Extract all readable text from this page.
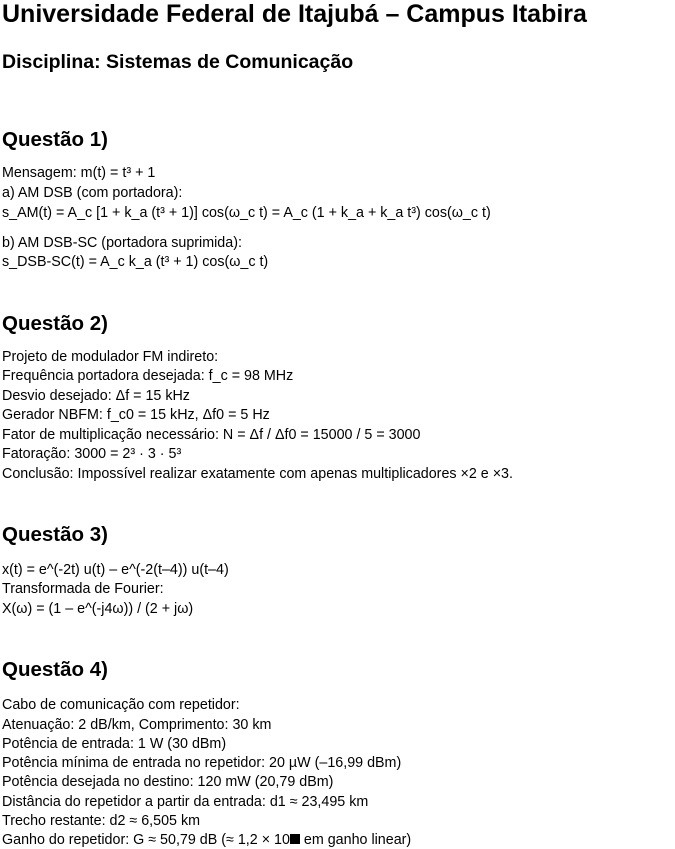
Universidade Federal de Itajubá – Campus Itabira
Disciplina: Sistemas de Comunicação
Questão 1)
Mensagem: m(t) = t³ + 1
a) AM DSB (com portadora):
s_AM(t) = A_c [1 + k_a (t³ + 1)] cos(ω_c t) = A_c (1 + k_a + k_a t³) cos(ω_c t)
b) AM DSB-SC (portadora suprimida):
s_DSB-SC(t) = A_c k_a (t³ + 1) cos(ω_c t)
Questão 2)
Projeto de modulador FM indireto:
Frequência portadora desejada: f_c = 98 MHz
Desvio desejado: Δf = 15 kHz
Gerador NBFM: f_c0 = 15 kHz, Δf0 = 5 Hz
Fator de multiplicação necessário: N = Δf / Δf0 = 15000 / 5 = 3000
Fatoração: 3000 = 2³ · 3 · 5³
Conclusão: Impossível realizar exatamente com apenas multiplicadores ×2 e ×3.
Questão 3)
x(t) = e^(-2t) u(t) – e^(-2(t–4)) u(t–4)
Transformada de Fourier:
X(ω) = (1 – e^(-j4ω)) / (2 + jω)
Questão 4)
Cabo de comunicação com repetidor:
Atenuação: 2 dB/km, Comprimento: 30 km
Potência de entrada: 1 W (30 dBm)
Potência mínima de entrada no repetidor: 20 µW (–16,99 dBm)
Potência desejada no destino: 120 mW (20,79 dBm)
Distância do repetidor a partir da entrada: d1 ≈ 23,495 km
Trecho restante: d2 ≈ 6,505 km
Ganho do repetidor: G ≈ 50,79 dB (≈ 1,2 × 10 em ganho linear)
